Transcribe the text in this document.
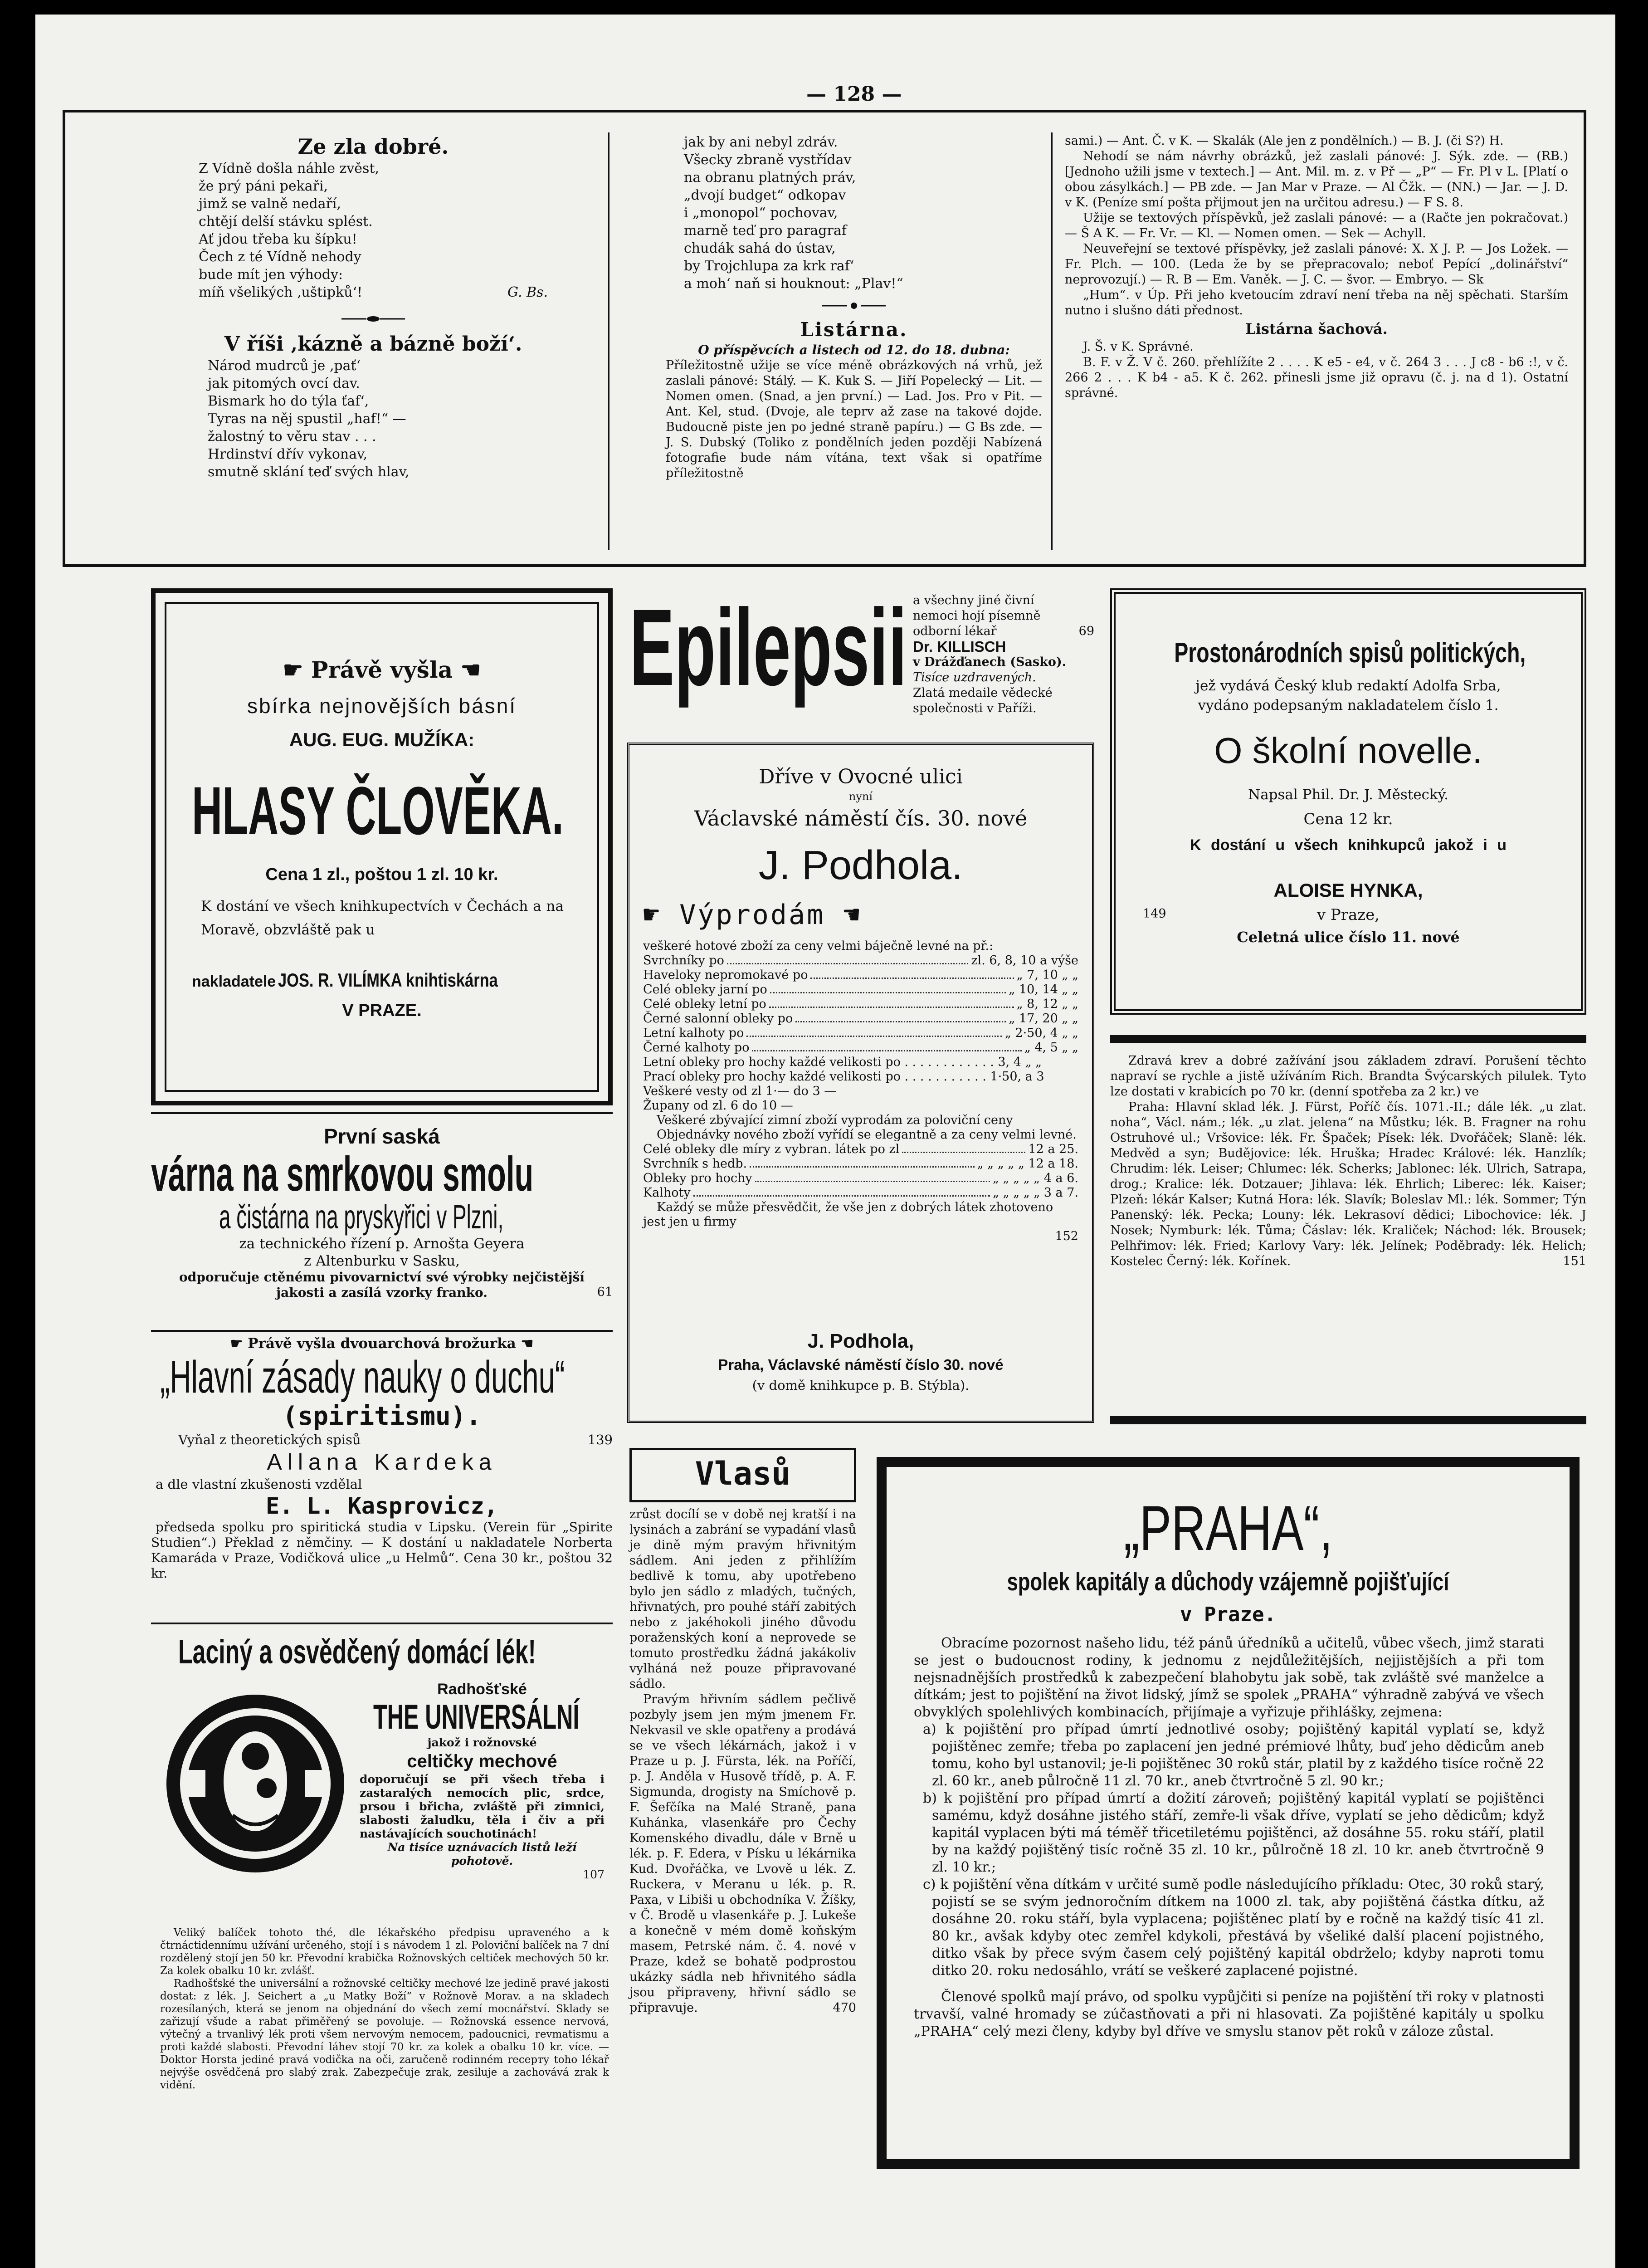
— 128 —
Ze zla dobré.
Z Vídně došla náhle zvěst,
že prý páni pekaři,
jimž se valně nedaří,
chtějí delší stávku splést.
Ať jdou třeba ku šípku!
Čech z té Vídně nehody
bude mít jen výhody:
míň všelikých ‚uštipků‘!	G. Bs.
V říši ‚kázně a bázně boží‘.
Národ mudrců je ‚pať‘
jak pitomých ovcí dav.
Bismark ho do týla ťaf‘,
Tyras na něj spustil „haf!“ —
žalostný to věru stav . . .
Hrdinství dřív vykonav,
smutně sklání teď svých hlav,
jak by ani nebyl zdráv.
Všecky zbraně vystřídav
na obranu platných práv,
„dvojí budget“ odkopav
i „monopol“ pochovav,
marně teď pro paragraf
chudák sahá do ústav,
by Trojchlupa za krk raf‘
a moh‘ naň si houknout: „Plav!“
Listárna.
O příspěvcích a listech od 12. do 18. dubna:

Příležitostně užije se více méně obrázkových ná vrhů, jež zaslali pánové: Stálý. — K. Kuk S. — Jiří Popelecký — Lit. — Nomen omen. (Snad, a jen první.) — Lad. Jos. Pro v Pit. — Ant. Kel, stud. (Dvoje, ale teprv až zase na takové dojde. Budoucně piste jen po jedné straně papíru.) — G Bs zde. — J. S. Dubský (Tolikо z pondělních jeden později Nabízená fotografie bude nám vítána, text však si opatříme příležitostně

sami.) — Ant. Č. v K. — Skalák (Ale jen z pondělních.) — B. J. (či S?) H.

Nehodí se nám návrhy obrázků, jež zaslali pánové: J. Sýk. zde. — (RB.) [Jednoho užili jsme v textech.] — Ant. Mil. m. z. v Př — „P“ — Fr. Pl v L. [Platí o obou zásylkách.] — PB zde. — Jan Mar v Praze. — Al Čžk. — (NN.) — Jar. — J. D. v K. (Peníze smí pošta přijmout jen na určitou adresu.) — F S. 8.

Užije se textových příspěvků, jež zaslali pánové: — a (Račte jen pokračovat.) — Š A K. — Fr. Vr. — Kl. — Nomen omen. — Sek — Achyll.

Neuveřejní se textové příspěvky, jež zaslali pánové: X. X J. P. — Jos Ložek. — Fr. Plch. — 100. (Leda že by se přepracovalo; neboť Pepící „dolinářství“ neprovozují.) — R. B — Em. Vaněk. — J. C. — švor. — Embryo. — Sk

„Hum“. v Úp. Při jeho kvetoucím zdraví není třeba na něj spěchati. Starším nutno i slušno dáti přednost.

Listárna šachová.

J. Š. v K. Správné.

B. F. v Ž. V č. 260. přehlížíte 2 . . . . K e5 - e4, v č. 264 3 . . . J c8 - b6 :!, v č. 266 2 . . . K b4 - a5. K č. 262. přinesli jsme již opravu (č. j. na d 1). Ostatní správné.

☛ Právě vyšla ☚
sbírka nejnovějších básní
AUG. EUG. MUŽÍKA:
HLASY ČLOVĚKA.
Cena 1 zl., poštou 1 zl. 10 kr.
K dostání ve všech knihkupectvích v Čechách a na Moravě, obzvláště pak u
nakladatele JOS. R. VILÍMKA knihtiskárna
V PRAZE.
Epilepsii a všechny jiné čivní
nemoci hojí písemně
odborní lékař	69
Dr. KILLISCH
v Drážďanech (Sasko).
Tisíce uzdravených.
Zlatá medaile vědecké
společnosti v Paříži.
Prostonárodních spisů politických,
jež vydává Český klub redaktí Adolfa Srba,
vydáno podepsaným nakladatelem číslo 1.
O školní novelle.
Napsal Phil. Dr. J. Městecký.
Cena 12 kr.
K dostání u všech knihkupců jakož i u
149
ALOISE HYNKA,
v Praze,
Celetná ulice číslo 11. nové
Dříve v Ovocné ulici
nyní
Václavské náměstí čís. 30. nové
J. Podhola.
☛ Výprodám ☚
veškeré hotové zboží za ceny velmi báječně levné na př.:
Svrchníky po	zl. 6, 8, 10 a výše
Haveloky nepromokavé po	„ 7, 10 „ „
Celé obleky jarní po	„ 10, 14 „ „
Celé obleky letní po	„ 8, 12 „ „
Černé salonní obleky po	„ 17, 20 „ „
Letní kalhoty po	„ 2·50, 4 „ „
Černé kalhoty po	„ 4, 5 „ „
Letní obleky pro hochy každé velikosti po . . . . . . . . . . . . 3, 4 „ „
Prací obleky pro hochy každé velikosti po . . . . . . . . . . . 1·50, a 3
Veškeré vesty od zl 1·— do 3 —
Župany od zl. 6 do 10 —
Veškeré zbývající zimní zboží vyprodám za poloviční ceny
Objednávky nového zboží vyřídí se elegantně a za ceny velmi levné.
Celé obleky dle míry z vybran. látek po zl	12 a 25.
Svrchník s hedb.	„ „ „ „ „ 12 a 18.
Obleky pro hochy	„ „ „ „ „ 4 a 6.
Kalhoty	„ „ „ „ „ 3 a 7.
Každý se může přesvědčit, že vše jen z dobrých látek zhotoveno jest jen u firmy
152
J. Podhola,
Praha, Václavské náměstí číslo 30. nové
(v domě knihkupce p. B. Stýbla).

Zdravá krev a dobré zažívání jsou základem zdraví. Porušení těchto napraví se rychle a jistě užíváním Rich. Brandta Švýcarských pilulek. Tyto lze dostati v krabicích po 70 kr. (denní spotřeba za 2 kr.) ve

Praha: Hlavní sklad lék. J. Fürst, Poříč čís. 1071.-II.; dále lék. „u zlat. noha“, Václ. nám.; lék. „u zlat. jelena“ na Můstku; lék. B. Fragner na rohu Ostruhové ul.; Vršovice: lék. Fr. Špaček; Písek: lék. Dvořáček; Slaně: lék. Medvěd a syn; Budějovice: lék. Hruška; Hradec Králové: lék. Hanzlík; Chrudim: lék. Leiser; Chlumec: lék. Scherks; Jablonec: lék. Ulrich, Satrapa, drog.; Kralice: lék. Dotzauer; Jihlava: lék. Ehrlich; Liberec: lék. Kaiser; Plzeň: lékár Kalser; Kutná Hora: lék. Slavík; Boleslav Ml.: lék. Sommer; Týn Panenský: lék. Pecka; Louny: lék. Lekrasoví dědici; Libochovice: lék. J Nosek; Nymburk: lék. Tůma; Čáslav: lék. Kraliček; Náchod: lék. Brousek; Pelhřimov: lék. Fried; Karlovy Vary: lék. Jelínek; Poděbrady: lék. Helich; Kostelec Černý: lék. Kořínek.	151
První saská
várna na smrkovou smolu
a čistárna na pryskyřici v Plzni,
za technického řízení p. Arnošta Geyera
z Altenburku v Sasku,
odporučuje ctěnému pivovarnictví své výrobky nejčistější jakosti a zasílá vzorky franko.	61
☛ Právě vyšla dvouarchová brožurka ☚
„Hlavní zásady nauky o duchu“
(spiritismu).
Vyňal z theoretických spisů	139
Allana Kardeka
a dle vlastní zkušenosti vzdělal
E. L. Kasprovicz,
předseda spolku pro spiritická studia v Lipsku. (Verein für „Spirite Studien“.) Překlad z němčiny. — K dostání u nakladatele Norberta Kamaráda v Praze, Vodičková ulice „u Helmů“. Cena 30 kr., poštou 32 kr.
Laciný a osvědčený domácí lék!
Radhošťské
THE UNIVERSÁLNÍ
jakož i rožnovské
celtičky mechové
doporučují se při všech třeba i zastaralých nemocích plic, srdce, prsou i břicha, zvláště při zimnici, slabosti žaludku, těla i čiv a při nastávajících souchotinách!
Na tisíce uznávacích listů leží pohotově.
107

Veliký balíček tohoto thé, dle lékařského předpisu upraveného a k čtrnáctidennímu užívání určeného, stojí i s návodem 1 zl. Poloviční balíček na 7 dní rozdělený stojí jen 50 kr. Převodní krabička Rožnovských celtiček mechových 50 kr. Za kolek obalku 10 kr. zvlášť.

Radhošťské the universální a rožnovské celtičky mechové lze jedině pravé jakosti dostat: z lék. J. Seichert a „u Matky Boží“ v Rožnově Morav. a na skladech rozesílaných, která se jenom na objednání do všech zemí mocnářství. Sklady se zařizují všude a rabat přiměřený se povoluje. — Rožnovská essence nervová, výtečný a trvanlivý lék proti všem nervovým nemocem, padoucnici, revmatismu a proti každé slabosti. Převodní láhev stojí 70 kr. za kolek a obalku 10 kr. více. — Doktor Horsta jediné pravá vodička na oči, zaručeně rodinném recepту toho lékař nejvýše osvědčená pro slabý zrak. Zabezpečuje zrak, zesiluje a zachovává zrak k vidění.

Vlasů

zrůst docílí se v době nej kratší i na lysinách a zabrání se vypadání vlasů je dině mým pravým hřivnitým sádlem. Ani jeden z přihlížím bedlivě k tomu, aby upotřebeno bylo jen sádlo z mladých, tučných, hřivnatých, pro pouhé stáří zabitých nebo z jakéhokoli jiného důvodu poraženských koní a neprovede se tomuto prostředku žádná jakákoliv vylháná než pouze připravované sádlo.

Pravým hřivním sádlem pečlivě pozbyly jsem jen mým jmenem Fr. Nekvasil ve skle opatřeny a prodává se ve všech lékárnách, jakož i v Praze u p. J. Fürsta, lék. na Poříčí, p. J. Anděla v Husově třídě, p. A. F. Sigmunda, drogisty na Smíchově p. F. Šefčíka na Malé Straně, pana Kuhánka, vlasenkáře pro Čechy Komenského divadlu, dále v Brně u lék. p. F. Edera, v Písku u lékárnika Kud. Dvořáčka, ve Lvově u lék. Z. Ruckera, v Meranu u lék. p. R. Paxa, v Libiši u obchodníka V. Žíšky, v Č. Brodě u vlasenkáře p. J. Lukeše a konečně v mém domě koňským masem, Petrské nám. č. 4. nové v Praze, kdež se bohatě podprostou ukázky sádla neb hřivnitého sádla jsou připraveny, hřivní sádlo se připravuje.	470
„PRAHA“,
spolek kapitály a důchody vzájemně pojišťující
v Praze.

Obracíme pozornost našeho lidu, též pánů úředníků a učitelů, vůbec všech, jimž starati se jest o budoucnost rodiny, k jednomu z nejdůležitějších, nejjistějších a při tom nejsnadnějších prostředků k zabezpečení blahobytu jak sobě, tak zvláště své manželce a dítkám; jest to pojištění na život lidský, jímž se spolek „PRAHA“ výhradně zabývá ve všech obvyklých spolehlivých kombinacích, přijímaje a vyřizuje přihlášky, zejmena:

a) k pojištění pro případ úmrtí jednotlivé osoby; pojištěný kapitál vyplatí se, když pojištěnec zemře; třeba po zaplacení jen jedné prémiové lhůty, buď jeho dědicům aneb tomu, koho byl ustanovil; je-li pojištěnec 30 roků stár, platil by z každého tisíce ročně 22 zl. 60 kr., aneb půlročně 11 zl. 70 kr., aneb čtvrtročně 5 zl. 90 kr.;

b) k pojištění pro případ úmrtí a dožití zároveň; pojištěný kapitál vyplatí se pojištěnci samému, když dosáhne jistého stáří, zemře-li však dříve, vyplatí se jeho dědicům; když kapitál vyplacen býti má téměř třicetiletému pojištěnci, až dosáhne 55. roku stáří, platil by na každý pojištěný tisíc ročně 35 zl. 10 kr., půlročně 18 zl. 10 kr. aneb čtvrtročně 9 zl. 10 kr.;

c) k pojištění věna dítkám v určité sumě podle následujícího příkladu: Otec, 30 roků starý, pojistí se se svým jednoročním dítkem na 1000 zl. tak, aby pojištěná částka dítku, až dosáhne 20. roku stáří, byla vyplacena; pojištěnec platí by e ročně na každý tisíc 41 zl. 80 kr., avšak kdyby otec zemřel kdykoli, přestává by všeliké další placení pojistného, ditko však by přece svým časem celý pojištěný kapitál obdrželo; kdyby naproti tomu ditko 20. roku nedosáhlo, vrátí se veškeré zaplacené pojistné.

Členové spolků mají právo, od spolku vypůjčiti si peníze na pojištění tři roky v platnosti trvavší, valné hromady se zúčastňovati a při ni hlasovati. Za pojištěné kapitály u spolku „PRAHA“ celý mezi členy, kdyby byl dříve ve smyslu stanov pět roků v záloze zůstal.
